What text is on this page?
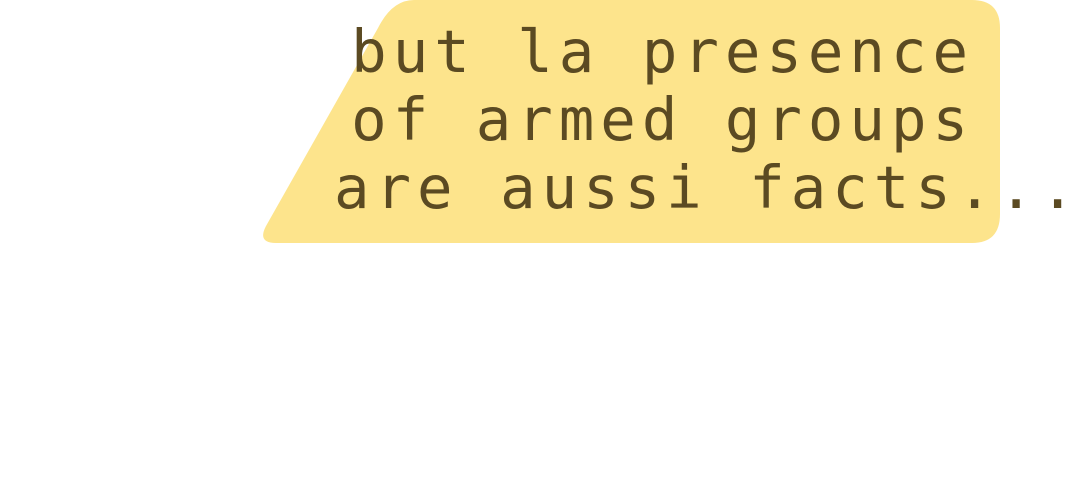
but la presence
of armed groups
are aussi facts...
